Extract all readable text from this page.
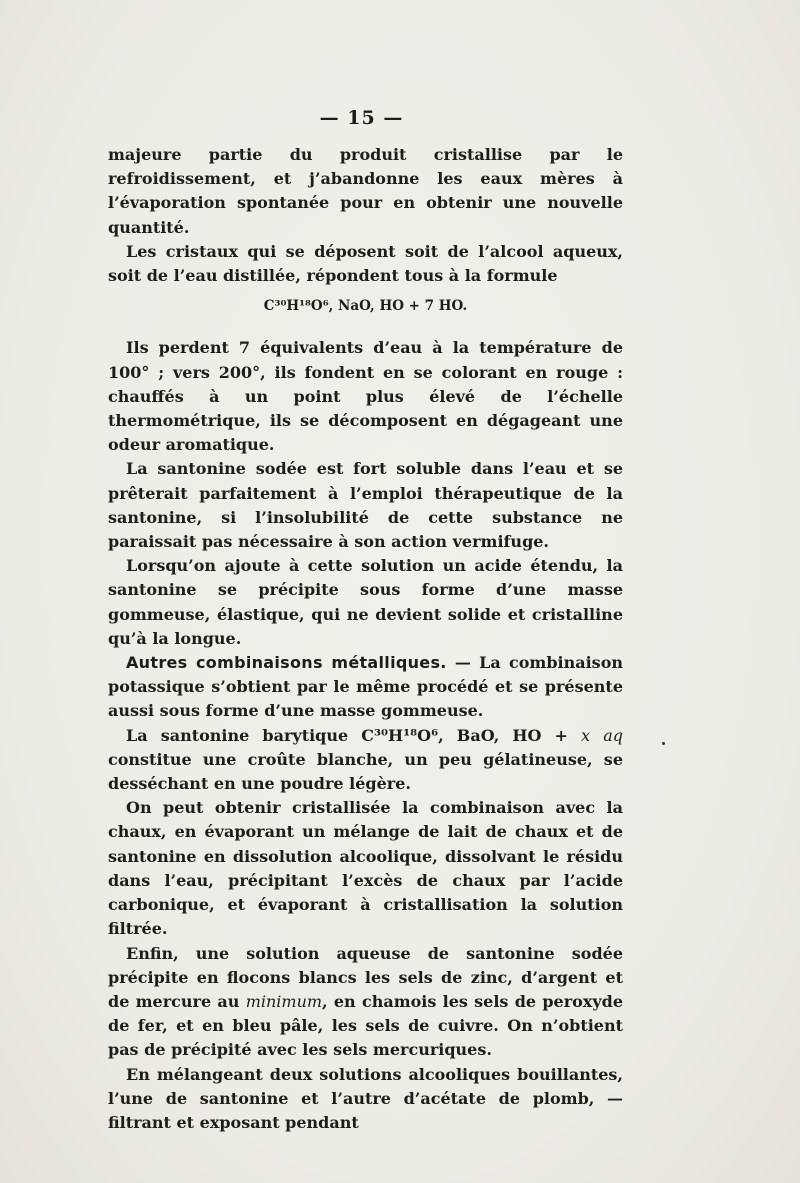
— 15 —

majeure partie du produit cristallise par le refroidissement, et j’abandonne les eaux mères à l’évaporation spontanée pour en obtenir une nouvelle quantité.

Les cristaux qui se déposent soit de l’alcool aqueux, soit de l’eau distillée, répondent tous à la formule

C³⁰H¹⁸O⁶, NaO, HO + 7 HO.

Ils perdent 7 équivalents d’eau à la température de 100° ; vers 200°, ils fondent en se colorant en rouge : chauffés à un point plus élevé de l’échelle thermométrique, ils se décomposent en dégageant une odeur aromatique.

La santonine sodée est fort soluble dans l’eau et se prêterait parfaitement à l’emploi thérapeutique de la santonine, si l’insolubilité de cette substance ne paraissait pas nécessaire à son action vermifuge.

Lorsqu’on ajoute à cette solution un acide étendu, la santonine se précipite sous forme d’une masse gommeuse, élastique, qui ne devient solide et cristalline qu’à la longue.

Autres combinaisons métalliques. — La combinaison potassique s’obtient par le même procédé et se présente aussi sous forme d’une masse gommeuse.

La santonine barytique C³⁰H¹⁸O⁶, BaO, HO + x aq constitue une croûte blanche, un peu gélatineuse, se desséchant en une poudre légère.

On peut obtenir cristallisée la combinaison avec la chaux, en évaporant un mélange de lait de chaux et de santonine en dissolution alcoolique, dissolvant le résidu dans l’eau, précipitant l’excès de chaux par l’acide carbonique, et évaporant à cristallisation la solution filtrée.

Enfin, une solution aqueuse de santonine sodée précipite en flocons blancs les sels de zinc, d’argent et de mercure au minimum, en chamois les sels de peroxyde de fer, et en bleu pâle, les sels de cuivre. On n’obtient pas de précipité avec les sels mercuriques.

En mélangeant deux solutions alcooliques bouillantes, l’une de santonine et l’autre d’acétate de plomb, — filtrant et exposant pendant
